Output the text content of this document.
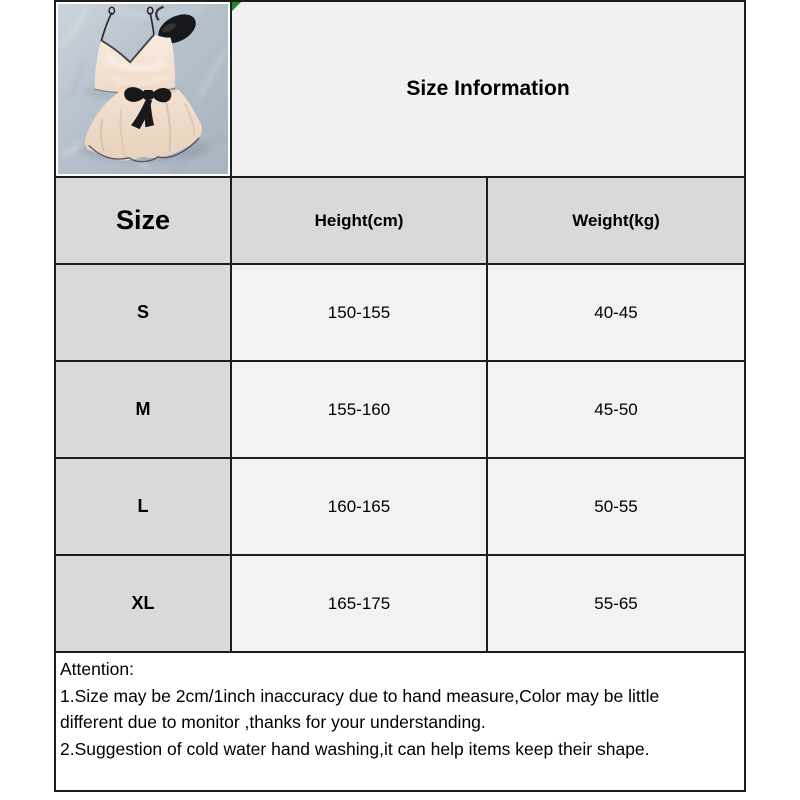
Size Information
Size	Height(cm)	Weight(kg)
S	150-155	40-45
M	155-160	45-50
L	160-165	50-55
XL	165-175	55-65
Attention:
1.Size may be 2cm/1inch inaccuracy due to hand measure,Color may be little different due to monitor ,thanks for your understanding.
2.Suggestion of cold water hand washing,it can help items keep their shape.
